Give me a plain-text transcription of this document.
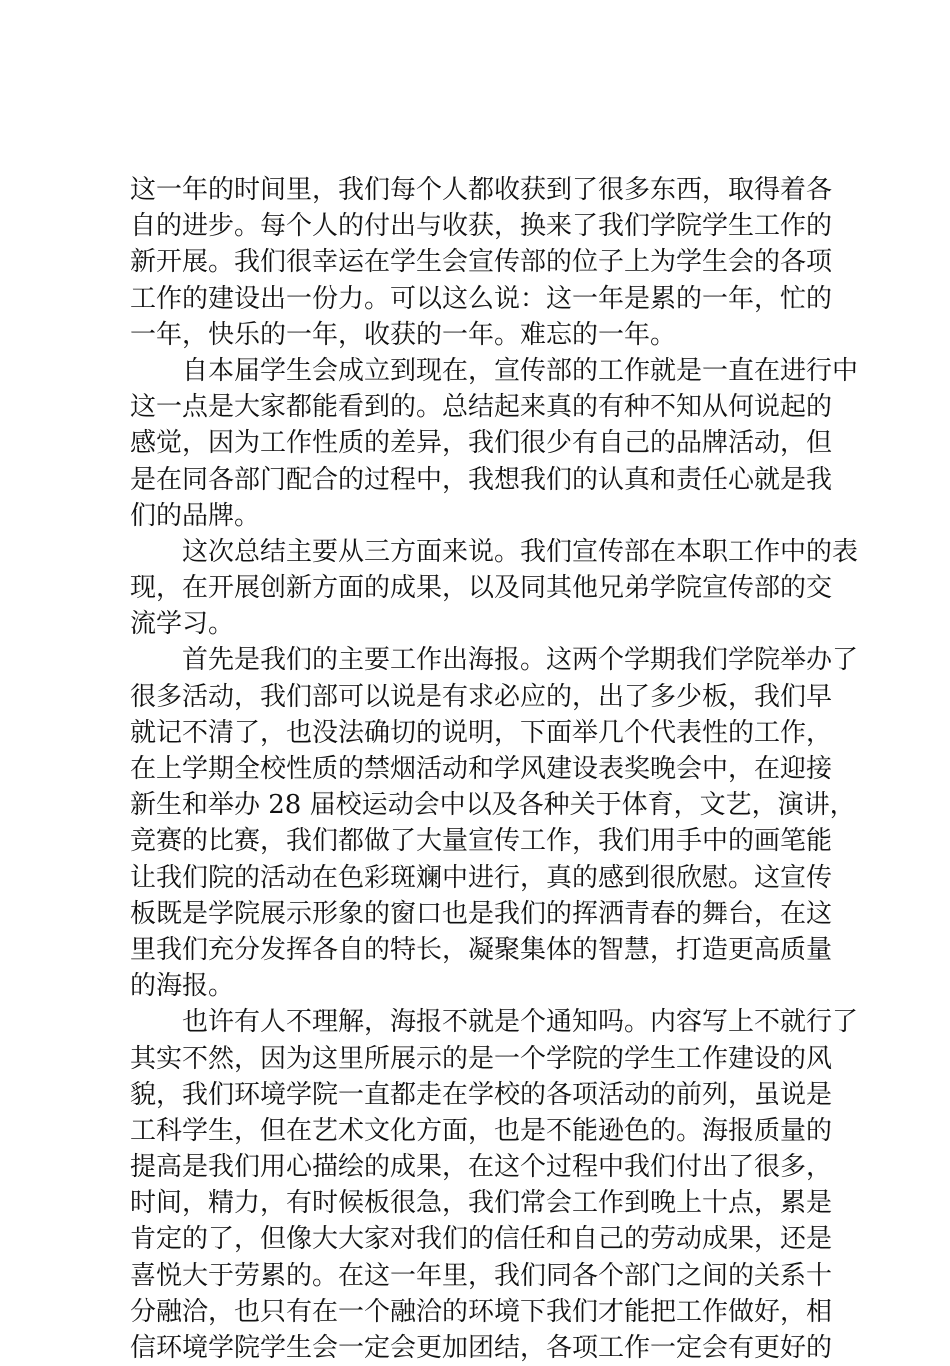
这一年的时间里，我们每个人都收获到了很多东西，取得着各
自的进步。每个人的付出与收获，换来了我们学院学生工作的
新开展。我们很幸运在学生会宣传部的位子上为学生会的各项
工作的建设出一份力。可以这么说：这一年是累的一年，忙的
一年，快乐的一年，收获的一年。难忘的一年。
自本届学生会成立到现在，宣传部的工作就是一直在进行中
这一点是大家都能看到的。总结起来真的有种不知从何说起的
感觉，因为工作性质的差异，我们很少有自己的品牌活动，但
是在同各部门配合的过程中，我想我们的认真和责任心就是我
们的品牌。
这次总结主要从三方面来说。我们宣传部在本职工作中的表
现，在开展创新方面的成果，以及同其他兄弟学院宣传部的交
流学习。
首先是我们的主要工作出海报。这两个学期我们学院举办了
很多活动，我们部可以说是有求必应的，出了多少板，我们早
就记不清了，也没法确切的说明，下面举几个代表性的工作，
在上学期全校性质的禁烟活动和学风建设表奖晚会中，在迎接
新生和举办 28 届校运动会中以及各种关于体育，文艺，演讲，
竞赛的比赛，我们都做了大量宣传工作，我们用手中的画笔能
让我们院的活动在色彩斑斓中进行，真的感到很欣慰。这宣传
板既是学院展示形象的窗口也是我们的挥洒青春的舞台，在这
里我们充分发挥各自的特长，凝聚集体的智慧，打造更高质量
的海报。
也许有人不理解，海报不就是个通知吗。内容写上不就行了
其实不然，因为这里所展示的是一个学院的学生工作建设的风
貌，我们环境学院一直都走在学校的各项活动的前列，虽说是
工科学生，但在艺术文化方面，也是不能逊色的。海报质量的
提高是我们用心描绘的成果，在这个过程中我们付出了很多，
时间，精力，有时候板很急，我们常会工作到晚上十点，累是
肯定的了，但像大大家对我们的信任和自己的劳动成果，还是
喜悦大于劳累的。在这一年里，我们同各个部门之间的关系十
分融洽，也只有在一个融洽的环境下我们才能把工作做好，相
信环境学院学生会一定会更加团结，各项工作一定会有更好的
